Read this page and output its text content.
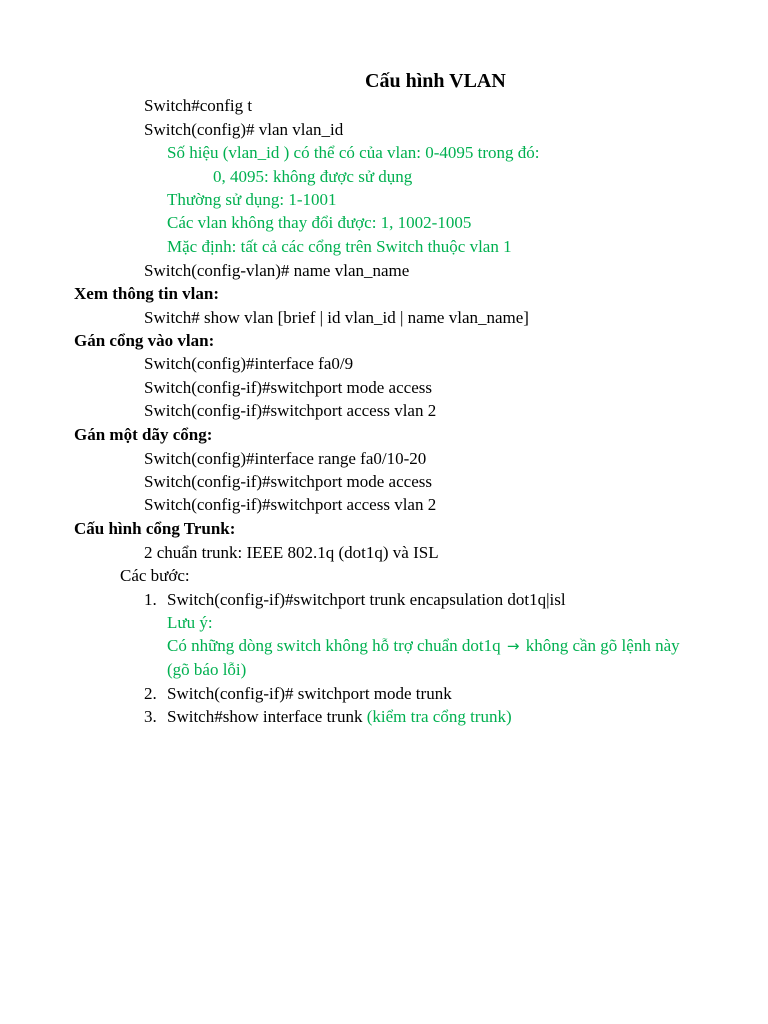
Cấu hình VLAN
Switch#config t
Switch(config)# vlan vlan_id
Số hiệu (vlan_id ) có thể có của vlan: 0-4095 trong đó:
0, 4095: không được sử dụng
Thường sử dụng: 1-1001
Các vlan không thay đổi được: 1, 1002-1005
Mặc định: tất cả các cổng trên Switch thuộc vlan 1
Switch(config-vlan)# name vlan_name
Xem thông tin vlan:
Switch# show vlan [brief | id vlan_id | name vlan_name]
Gán cổng vào vlan:
Switch(config)#interface fa0/9
Switch(config-if)#switchport mode access
Switch(config-if)#switchport access vlan 2
Gán một dãy cổng:
Switch(config)#interface range fa0/10-20
Switch(config-if)#switchport mode access
Switch(config-if)#switchport access vlan 2
Cấu hình cổng Trunk:
2 chuẩn trunk: IEEE 802.1q (dot1q) và ISL
Các bước:
1. Switch(config-if)#switchport trunk encapsulation dot1q|isl
Lưu ý:
Có những dòng switch không hỗ trợ chuẩn dot1q → không cần gõ lệnh này
(gõ báo lỗi)
2. Switch(config-if)# switchport mode trunk
3. Switch#show interface trunk (kiểm tra cổng trunk)
